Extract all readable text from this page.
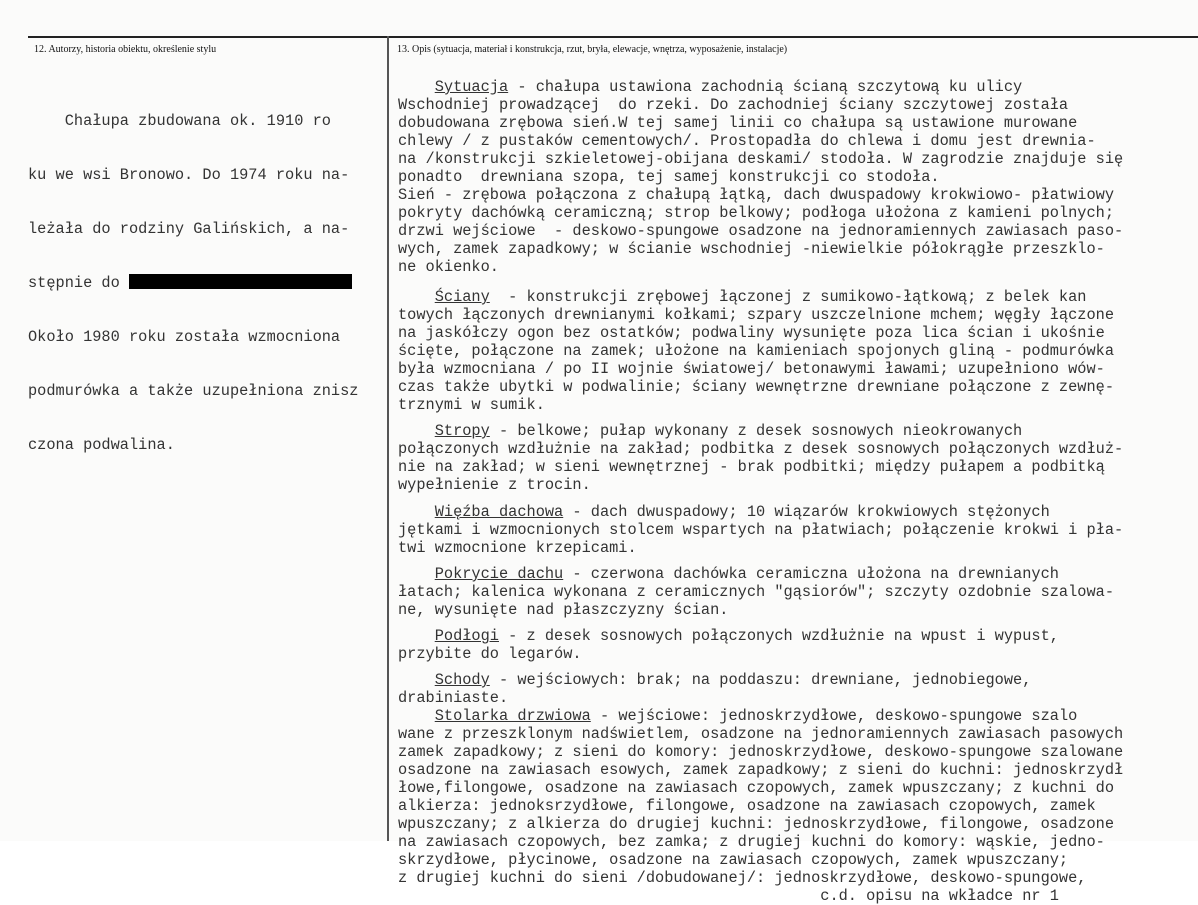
12. Autorzy, historia obiektu, określenie stylu	13. Opis (sytuacja, materiał i konstrukcja, rzut, bryła, elewacje, wnętrza, wyposażenie, instalacje)

Chałupa zbudowana ok. 1910 ro

ku we wsi Bronowo. Do 1974 roku na-

leżała do rodziny Galińskich, a na-

stępnie do

Około 1980 roku została wzmocniona

podmurówka a także uzupełniona znisz

czona podwalina.

Sytuacja - chałupa ustawiona zachodnią ścianą szczytową ku ulicy
Wschodniej prowadzącej  do rzeki. Do zachodniej ściany szczytowej została
dobudowana zrębowa sień.W tej samej linii co chałupa są ustawione murowane
chlewy / z pustaków cementowych/. Prostopadła do chlewa i domu jest drewnia-
na /konstrukcji szkieletowej-obijana deskami/ stodoła. W zagrodzie znajduje się
ponadto  drewniana szopa, tej samej konstrukcji co stodoła.
Sień - zrębowa połączona z chałupą łątką, dach dwuspadowy krokwiowo- płatwiowy
pokryty dachówką ceramiczną; strop belkowy; podłoga ułożona z kamieni polnych;
drzwi wejściowe  - deskowo-spungowe osadzone na jednoramiennych zawiasach paso-
wych, zamek zapadkowy; w ścianie wschodniej -niewielkie półokrągłe przeszklo-
ne okienko.
Ściany  - konstrukcji zrębowej łączonej z sumikowo-łątkową; z belek kan
towych łączonych drewnianymi kołkami; szpary uszczelnione mchem; węgły łączone
na jaskółczy ogon bez ostatków; podwaliny wysunięte poza lica ścian i ukośnie
ścięte, połączone na zamek; ułożone na kamieniach spojonych gliną - podmurówka
była wzmocniana / po II wojnie światowej/ betonawymi ławami; uzupełniono wów-
czas także ubytki w podwalinie; ściany wewnętrzne drewniane połączone z zewnę-
trznymi w sumik.
Stropy - belkowe; pułap wykonany z desek sosnowych nieokrowanych
połączonych wzdłużnie na zakład; podbitka z desek sosnowych połączonych wzdłuż-
nie na zakład; w sieni wewnętrznej - brak podbitki; między pułapem a podbitką
wypełnienie z trocin.
Więźba dachowa - dach dwuspadowy; 10 wiązarów krokwiowych stężonych
jętkami i wzmocnionych stolcem wspartych na płatwiach; połączenie krokwi i pła-
twi wzmocnione krzepicami.
Pokrycie dachu - czerwona dachówka ceramiczna ułożona na drewnianych
łatach; kalenica wykonana z ceramicznych "gąsiorów"; szczyty ozdobnie szalowa-
ne, wysunięte nad płaszczyzny ścian.
Podłogi - z desek sosnowych połączonych wzdłużnie na wpust i wypust,
przybite do legarów.
Schody - wejściowych: brak; na poddaszu: drewniane, jednobiegowe,
drabiniaste.
Stolarka drzwiowa - wejściowe: jednoskrzydłowe, deskowo-spungowe szalo
wane z przeszklonym nadświetlem, osadzone na jednoramiennych zawiasach pasowych
zamek zapadkowy; z sieni do komory: jednoskrzydłowe, deskowo-spungowe szalowane
osadzone na zawiasach esowych, zamek zapadkowy; z sieni do kuchni: jednoskrzydł
łowe,filongowe, osadzone na zawiasach czopowych, zamek wpuszczany; z kuchni do
alkierza: jednoksrzydłowe, filongowe, osadzone na zawiasach czopowych, zamek
wpuszczany; z alkierza do drugiej kuchni: jednoskrzydłowe, filongowe, osadzone
na zawiasach czopowych, bez zamka; z drugiej kuchni do komory: wąskie, jedno-
skrzydłowe, płycinowe, osadzone na zawiasach czopowych, zamek wpuszczany;
z drugiej kuchni do sieni /dobudowanej/: jednoskrzydłowe, deskowo-spungowe,
c.d. opisu na wkładce nr 1
